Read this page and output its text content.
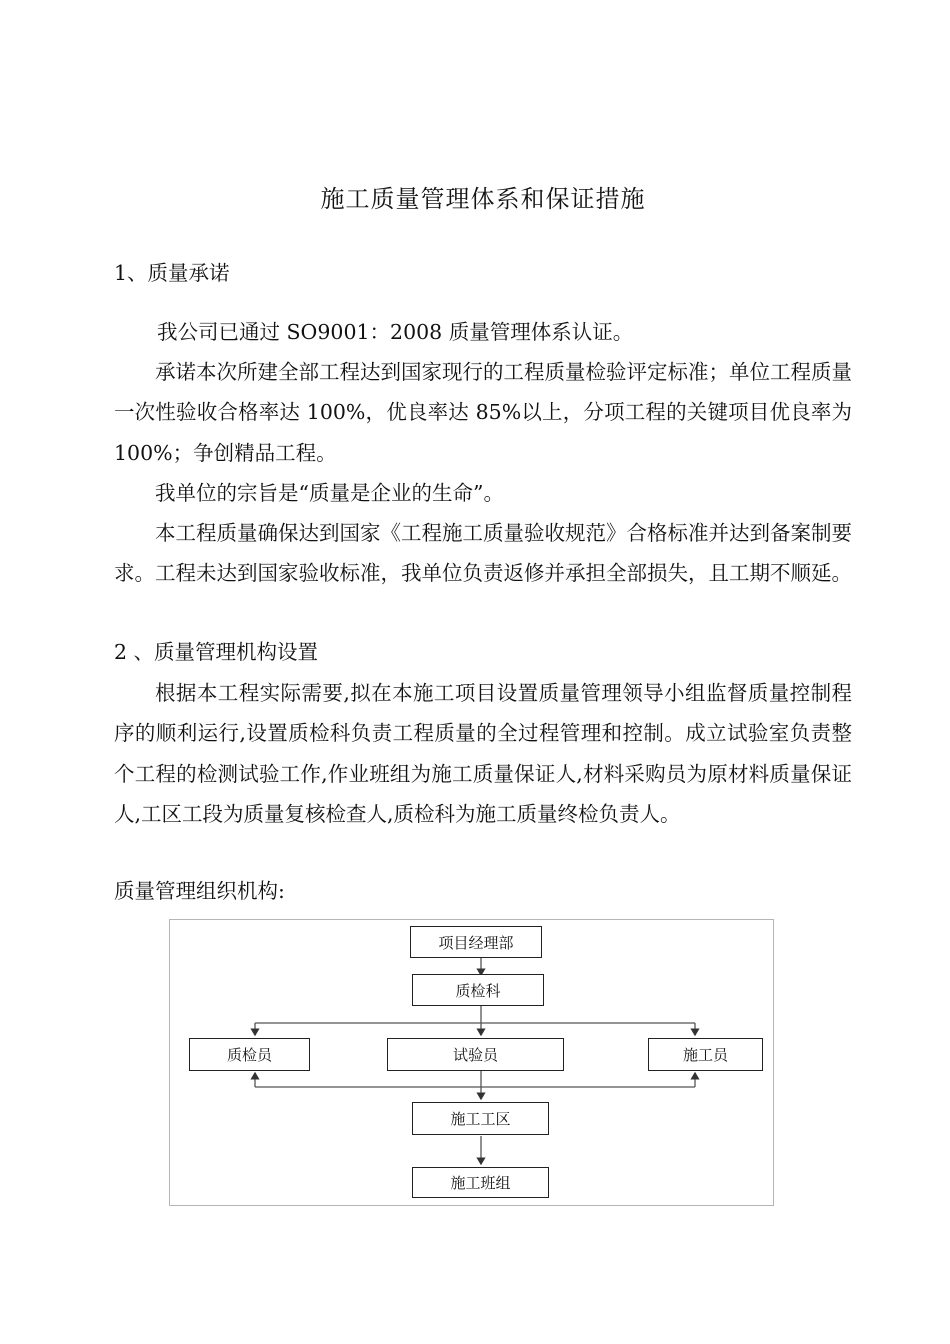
施工质量管理体系和保证措施
1、质量承诺

我公司已通过 SO9001：2008 质量管理体系认证。

承诺本次所建全部工程达到国家现行的工程质量检验评定标准；单位工程质量一次性验收合格率达 100%，优良率达 85%以上，分项工程的关键项目优良率为 100%；争创精品工程。

我单位的宗旨是“质量是企业的生命”。

本工程质量确保达到国家《工程施工质量验收规范》合格标准并达到备案制要求。工程未达到国家验收标准，我单位负责返修并承担全部损失，且工期不顺延。

2 、质量管理机构设置

根据本工程实际需要,拟在本施工项目设置质量管理领导小组监督质量控制程序的顺利运行,设置质检科负责工程质量的全过程管理和控制。成立试验室负责整个工程的检测试验工作,作业班组为施工质量保证人,材料采购员为原材料质量保证人,工区工段为质量复核检查人,质检科为施工质量终检负责人。

质量管理组织机构:
项目经理部
质检科
质检员	试验员	施工员
施工工区
施工班组
